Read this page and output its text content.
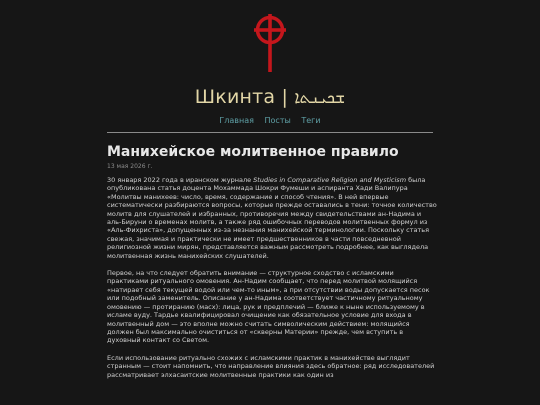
Шкинта | ܫܟܝܢܬܐ
Главная Посты Теги
Манихейское молитвенное правило
13 мая 2026 г.

30 января 2022 года в иранском журнале Studies in Comparative Religion and Mysticism была опубликована статья доцента Мохаммада Шокри Фумеши и аспиранта Хади Валипура «Молитвы манихеев: число, время, содержание и способ чтения». В ней впервые систематически разбираются вопросы, которые прежде оставались в тени: точное количество молитв для слушателей и избранных, противоречия между свидетельствами ан-Надима и аль-Бируни о временах молитв, а также ряд ошибочных переводов молитвенных формул из «Аль-Фихриста», допущенных из-за незнания манихейской терминологии. Поскольку статья свежая, значимая и практически не имеет предшественников в части повседневной религиозной жизни мирян, представляется важным рассмотреть подробнее, как выглядела молитвенная жизнь манихейских слушателей.

Первое, на что следует обратить внимание — структурное сходство с исламскими практиками ритуального омовения. Ан-Надим сообщает, что перед молитвой молящийся «натирает себя текущей водой или чем-то иным», а при отсутствии воды допускается песок или подобный заменитель. Описание у ан-Надима соответствует частичному ритуальному омовению — протиранию (масх): лица, рук и предплечий — ближе к ныне используемому в исламе вуду. Тардье квалифицировал очищение как обязательное условие для входа в молитвенный дом — это вполне можно считать символическим действием: молящийся должен был максимально очиститься от «скверны Материи» прежде, чем вступить в духовный контакт со Светом.

Если использование ритуально схожих с исламскими практик в манихействе выглядит странным — стоит напомнить, что направление влияния здесь обратное: ряд исследователей рассматривает элхасаитские молитвенные практики как один из
